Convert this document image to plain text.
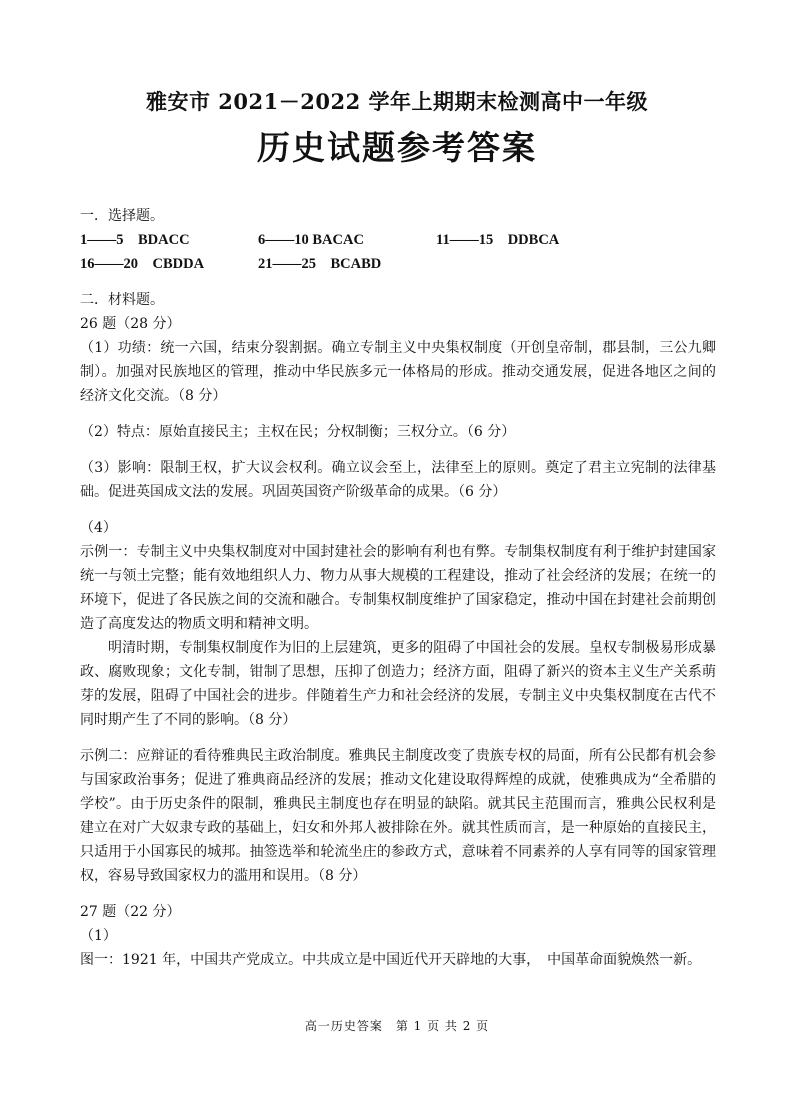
雅安市 2021－2022 学年上期期末检测高中一年级
历史试题参考答案
一．选择题。
1——5　BDACC	6——10 BACAC	11——15　DDBCA
16——20　CBDDA	21——25　BCABD
二．材料题。
26 题（28 分）
（1）功绩：统一六国，结束分裂割据。确立专制主义中央集权制度（开创皇帝制，郡县制，三公九卿制）。加强对民族地区的管理，推动中华民族多元一体格局的形成。推动交通发展，促进各地区之间的经济文化交流。（8 分）
（2）特点：原始直接民主；主权在民；分权制衡；三权分立。（6 分）
（3）影响：限制王权，扩大议会权利。确立议会至上，法律至上的原则。奠定了君主立宪制的法律基础。促进英国成文法的发展。巩固英国资产阶级革命的成果。（6 分）
（4）
示例一：专制主义中央集权制度对中国封建社会的影响有利也有弊。专制集权制度有利于维护封建国家统一与领土完整；能有效地组织人力、物力从事大规模的工程建设，推动了社会经济的发展；在统一的环境下，促进了各民族之间的交流和融合。专制集权制度维护了国家稳定，推动中国在封建社会前期创造了高度发达的物质文明和精神文明。
明清时期，专制集权制度作为旧的上层建筑，更多的阻碍了中国社会的发展。皇权专制极易形成暴政、腐败现象；文化专制，钳制了思想，压抑了创造力；经济方面，阻碍了新兴的资本主义生产关系萌芽的发展，阻碍了中国社会的进步。伴随着生产力和社会经济的发展，专制主义中央集权制度在古代不同时期产生了不同的影响。（8 分）
示例二：应辩证的看待雅典民主政治制度。雅典民主制度改变了贵族专权的局面，所有公民都有机会参与国家政治事务；促进了雅典商品经济的发展；推动文化建设取得辉煌的成就，使雅典成为“全希腊的学校”。由于历史条件的限制，雅典民主制度也存在明显的缺陷。就其民主范围而言，雅典公民权利是建立在对广大奴隶专政的基础上，妇女和外邦人被排除在外。就其性质而言，是一种原始的直接民主，只适用于小国寡民的城邦。抽签选举和轮流坐庄的参政方式，意味着不同素养的人享有同等的国家管理权，容易导致国家权力的滥用和误用。（8 分）
27 题（22 分）
（1）
图一：1921 年，中国共产党成立。中共成立是中国近代开天辟地的大事，　中国革命面貌焕然一新。
高一历史答案　第 1 页 共 2 页
